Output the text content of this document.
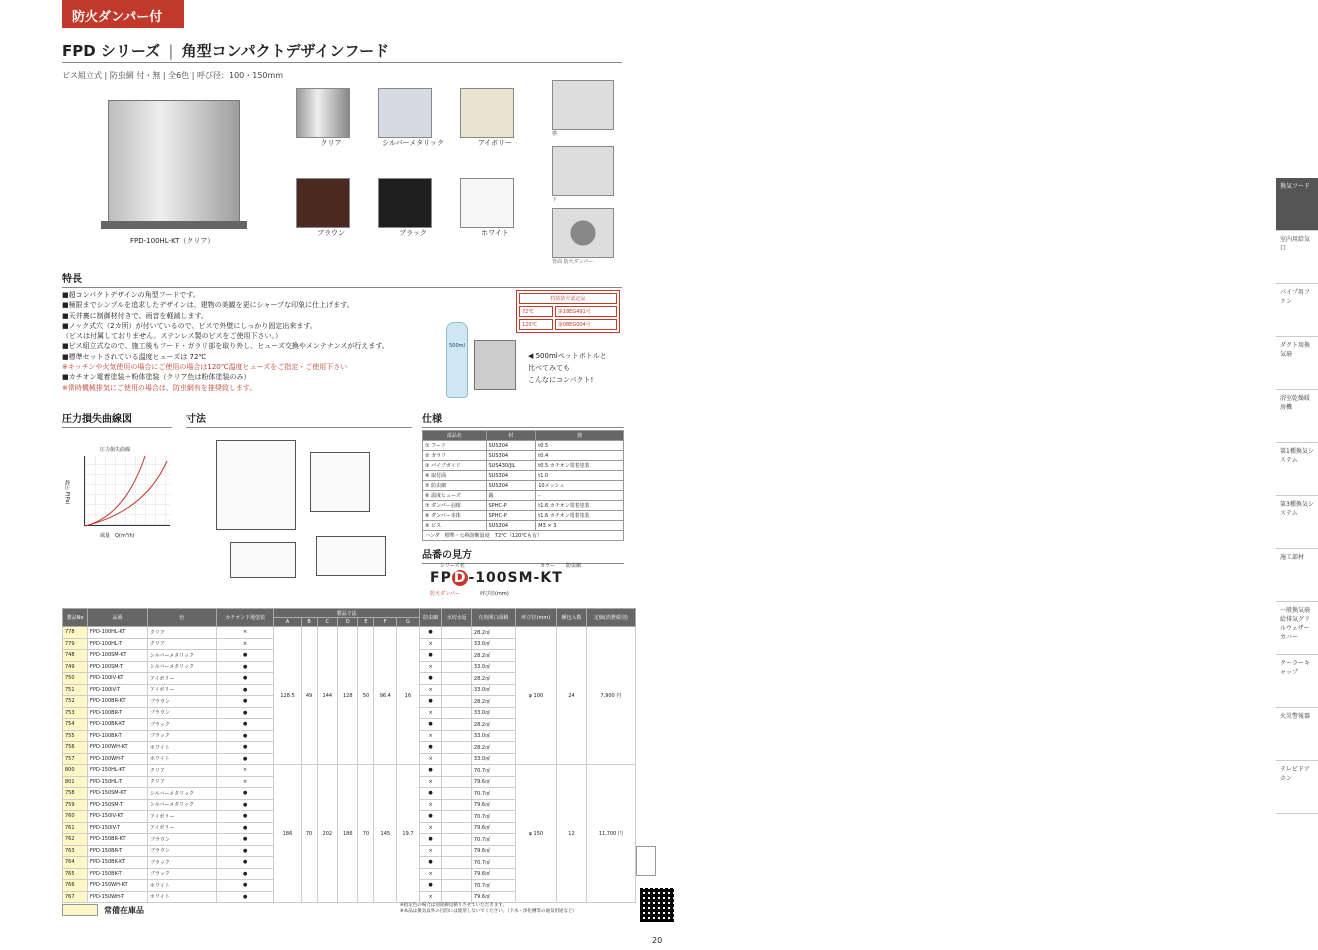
防火ダンパー付
FPD シリーズ | 角型コンパクトデザインフード
ビス組立式 | 防虫網 付・無 | 全6色 | 呼び径：100・150mm
FPD-100HL-KT（クリア）
クリア	シルバーメタリック	アイボリー
ブラウン	ブラック	ホワイト
横
下
背面 防火ダンパー
特長
■超コンパクトデザインの角型フードです。
■極限までシンプルを追求したデザインは、建物の美観を更にシャープな印象に仕上げます。
■天井裏に制御材付きで、雨音を軽減します。
■ノック式穴（2カ所）が付いているので、ビスで外壁にしっかり固定出来ます。
（ビスは付属しておりません。ステンレス製のビスをご使用下さい。）
■ビス組立式なので、施工後もフード・ガラリ部を取り外し、ヒューズ交換やメンテナンスが行えます。
■標準セットされている温度ヒューズは 72℃
※キッチンや火気使用の場合にご使用の場合は120℃温度ヒューズをご指定・ご使用下さい
■カチオン電着塗装＋粉体塗装（クリア色は粉体塗装のみ）
※常時機械排気にご使用の場合は、防虫網有を推奨致します。
特防防火認定品	
72℃	第18EG491号
120℃	第08EG004号
500ml
◀ 500mlペットボトルと
比べてみても
こんなにコンパクト!
圧力損失曲線図	寸法	仕様
圧力損失曲線
静圧 P(Pa)
風量　Q(m³/h)
部品名	材	箇
① フード	SUS304	t0.5
② ガラリ	SUS304	t0.4
③ パイプガイド	SUS430/JIL	t0.5 カチオン電着塗装
④ 取付面	SUS304	t1.0
⑤ 防虫網	SUS304	10メッシュ
⑥ 温度ヒューズ	錫	-
⑦ ダンパー羽根	SPHC-P	t1.6 カチオン電着塗装
⑧ ダンパー本体	SPHC-P	t1.6 カチオン電着塗装
⑨ ビス	SUS304	M3 × 3
ハンダ　標準・公称溶断温度　72℃（120℃も有）		
品番の見方
シリーズ名	カラー 防虫網
FP D -100SM-KT
防火ダンパー	呼び径(mm)
製品No	品番	色	カチオン下地塗装	製品寸法							防虫網	水切水返	有効開口面積	呼び径(mm)	梱包入数	定価(消費税別)
				A	B	C	D	E	F	G						
778	FPD-100HL-KT	クリア	×	128.5	49	144	128	50	96.4	16	●		28.2㎠	φ 100	24	7,900 円
779	FPD-100HL-T	クリア	×								×		33.0㎠			
748	FPD-100SM-KT	シルバーメタリック	●								●		28.2㎠			
749	FPD-100SM-T	シルバーメタリック	●								×		33.0㎠			
750	FPD-100IV-KT	アイボリー	●								●		28.2㎠			
751	FPD-100IV-T	アイボリー	●								×		33.0㎠			
752	FPD-100BR-KT	ブラウン	●								●		28.2㎠			
753	FPD-100BR-T	ブラウン	●								×		33.0㎠			
754	FPD-100BK-KT	ブラック	●								●		28.2㎠			
755	FPD-100BK-T	ブラック	●								×		33.0㎠			
756	FPD-100WH-KT	ホワイト	●								●		28.2㎠			
757	FPD-100WH-T	ホワイト	●								×		33.0㎠			
800	FPD-150HL-KT	クリア	×	186	70	202	186	70	145	19.7	●		70.7㎠	φ 150	12	11,700 円
801	FPD-150HL-T	クリア	×								×		79.6㎠			
758	FPD-150SM-KT	シルバーメタリック	●								●		70.7㎠			
759	FPD-150SM-T	シルバーメタリック	●								×		79.6㎠			
760	FPD-150IV-KT	アイボリー	●								●		70.7㎠			
761	FPD-150IV-T	アイボリー	●								×		79.6㎠			
762	FPD-150BR-KT	ブラウン	●								●		70.7㎠			
763	FPD-150BR-T	ブラウン	●								×		79.6㎠			
764	FPD-150BK-KT	ブラック	●								●		70.7㎠			
765	FPD-150BK-T	ブラック	●								×		79.6㎠			
766	FPD-150WH-KT	ホワイト	●								●		70.7㎠			
767	FPD-150WH-T	ホワイト	●								×		79.6㎠			
常備在庫品
※指定色の場合は別途御見積りさせていただきます。
※本品は換気以外の目的には使用しないでください。（下水・浄化槽等の通気用途など）
換気フード
室内用給気口
パイプ用ファン
ダクト用換気扇
浴室乾燥暖房機
第1種換気システム
第3種換気システム
施工部材
一般換気扇給排気グリルウェザーカバー
クーラーキャップ
火災警報器
テレビドアホン
20
